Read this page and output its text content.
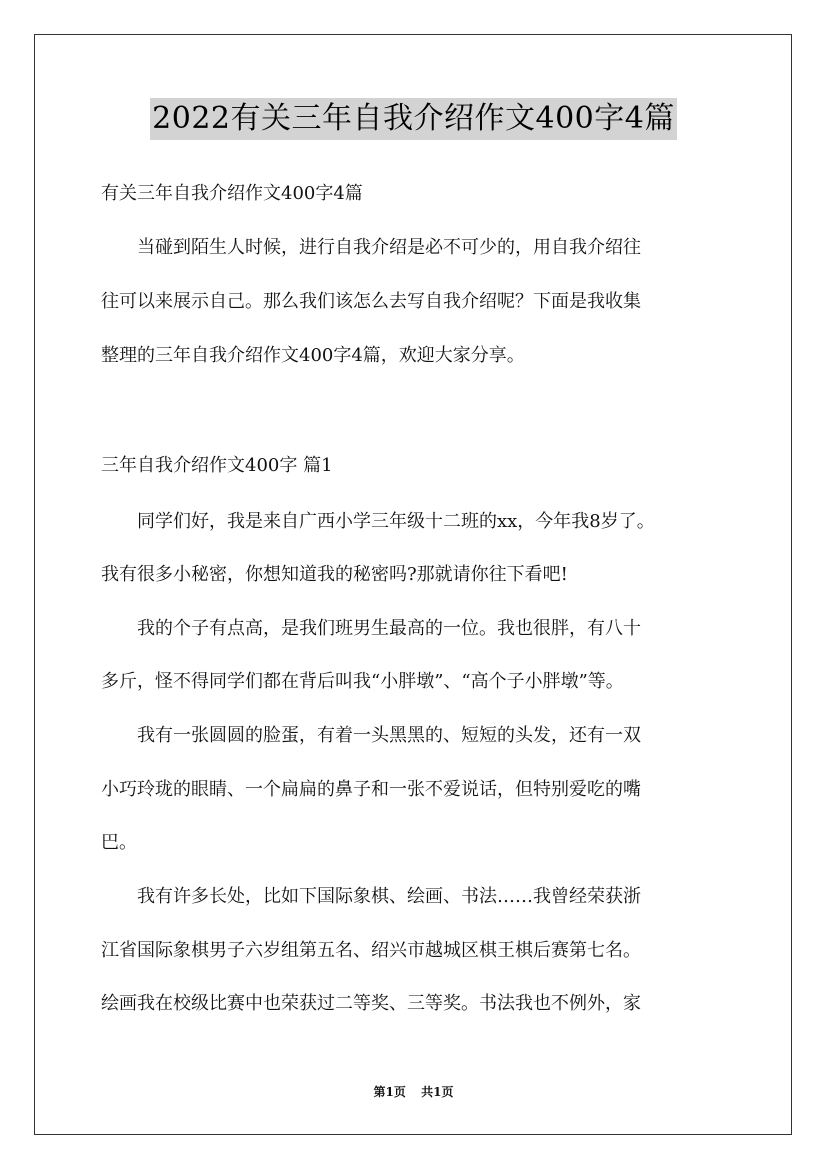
2022有关三年自我介绍作文400字4篇
有关三年自我介绍作文400字4篇
　　当碰到陌生人时候，进行自我介绍是必不可少的，用自我介绍往
往可以来展示自己。那么我们该怎么去写自我介绍呢？下面是我收集
整理的三年自我介绍作文400字4篇，欢迎大家分享。
三年自我介绍作文400字 篇1
　　同学们好，我是来自广西小学三年级十二班的xx，今年我8岁了。
我有很多小秘密，你想知道我的秘密吗?那就请你往下看吧!
　　我的个子有点高，是我们班男生最高的一位。我也很胖，有八十
多斤，怪不得同学们都在背后叫我“小胖墩”、“高个子小胖墩”等。
　　我有一张圆圆的脸蛋，有着一头黑黑的、短短的头发，还有一双
小巧玲珑的眼睛、一个扁扁的鼻子和一张不爱说话，但特别爱吃的嘴
巴。
　　我有许多长处，比如下国际象棋、绘画、书法……我曾经荣获浙
江省国际象棋男子六岁组第五名、绍兴市越城区棋王棋后赛第七名。
绘画我在校级比赛中也荣获过二等奖、三等奖。书法我也不例外，家
第1页 共1页
